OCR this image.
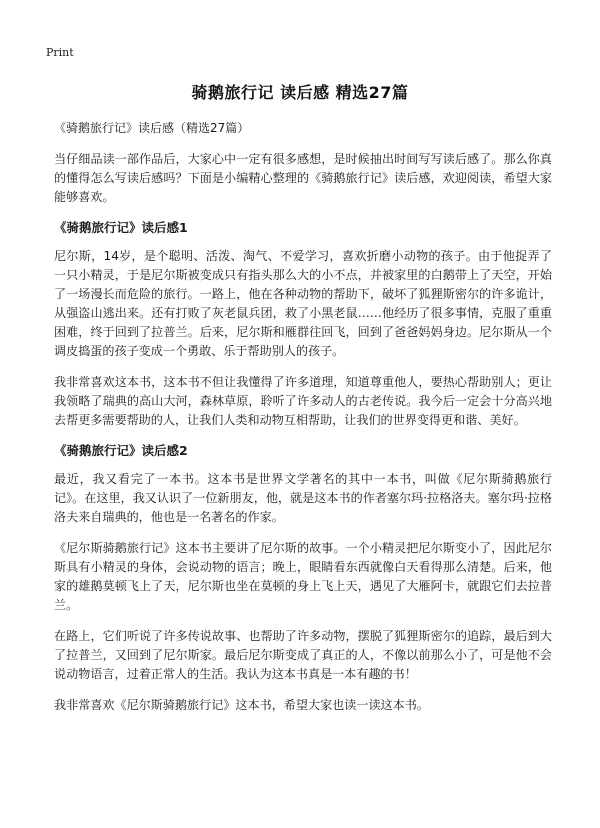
Print
骑鹅旅行记 读后感 精选27篇
《骑鹅旅行记》读后感（精选27篇）

当仔细品读一部作品后，大家心中一定有很多感想，是时候抽出时间写写读后感了。那么你真的懂得怎么写读后感吗？下面是小编精心整理的《骑鹅旅行记》读后感，欢迎阅读，希望大家能够喜欢。

《骑鹅旅行记》读后感1

尼尔斯，14岁，是个聪明、活泼、淘气、不爱学习，喜欢折磨小动物的孩子。由于他捉弄了一只小精灵，于是尼尔斯被变成只有指头那么大的小不点，并被家里的白鹅带上了天空，开始了一场漫长而危险的旅行。一路上，他在各种动物的帮助下，破坏了狐狸斯密尔的许多诡计，从强盗山逃出来。还有打败了灰老鼠兵团，救了小黑老鼠……他经历了很多事情，克服了重重困难，终于回到了拉普兰。后来，尼尔斯和雁群往回飞，回到了爸爸妈妈身边。尼尔斯从一个调皮捣蛋的孩子变成一个勇敢、乐于帮助别人的孩子。

我非常喜欢这本书，这本书不但让我懂得了许多道理，知道尊重他人，要热心帮助别人；更让我领略了瑞典的高山大河，森林草原，聆听了许多动人的古老传说。我今后一定会十分高兴地去帮更多需要帮助的人，让我们人类和动物互相帮助，让我们的世界变得更和谐、美好。

《骑鹅旅行记》读后感2

最近，我又看完了一本书。这本书是世界文学著名的其中一本书，叫做《尼尔斯骑鹅旅行记》。在这里，我又认识了一位新朋友，他，就是这本书的作者塞尔玛·拉格洛夫。塞尔玛·拉格洛夫来自瑞典的，他也是一名著名的作家。

《尼尔斯骑鹅旅行记》这本书主要讲了尼尔斯的故事。一个小精灵把尼尔斯变小了，因此尼尔斯具有小精灵的身体，会说动物的语言；晚上，眼睛看东西就像白天看得那么清楚。后来，他家的雄鹅莫顿飞上了天，尼尔斯也坐在莫顿的身上飞上天，遇见了大雁阿卡，就跟它们去拉普兰。

在路上，它们听说了许多传说故事、也帮助了许多动物，摆脱了狐狸斯密尔的追踪，最后到大了拉普兰，又回到了尼尔斯家。最后尼尔斯变成了真正的人，不像以前那么小了，可是他不会说动物语言，过着正常人的生活。我认为这本书真是一本有趣的书！

我非常喜欢《尼尔斯骑鹅旅行记》这本书，希望大家也读一读这本书。
